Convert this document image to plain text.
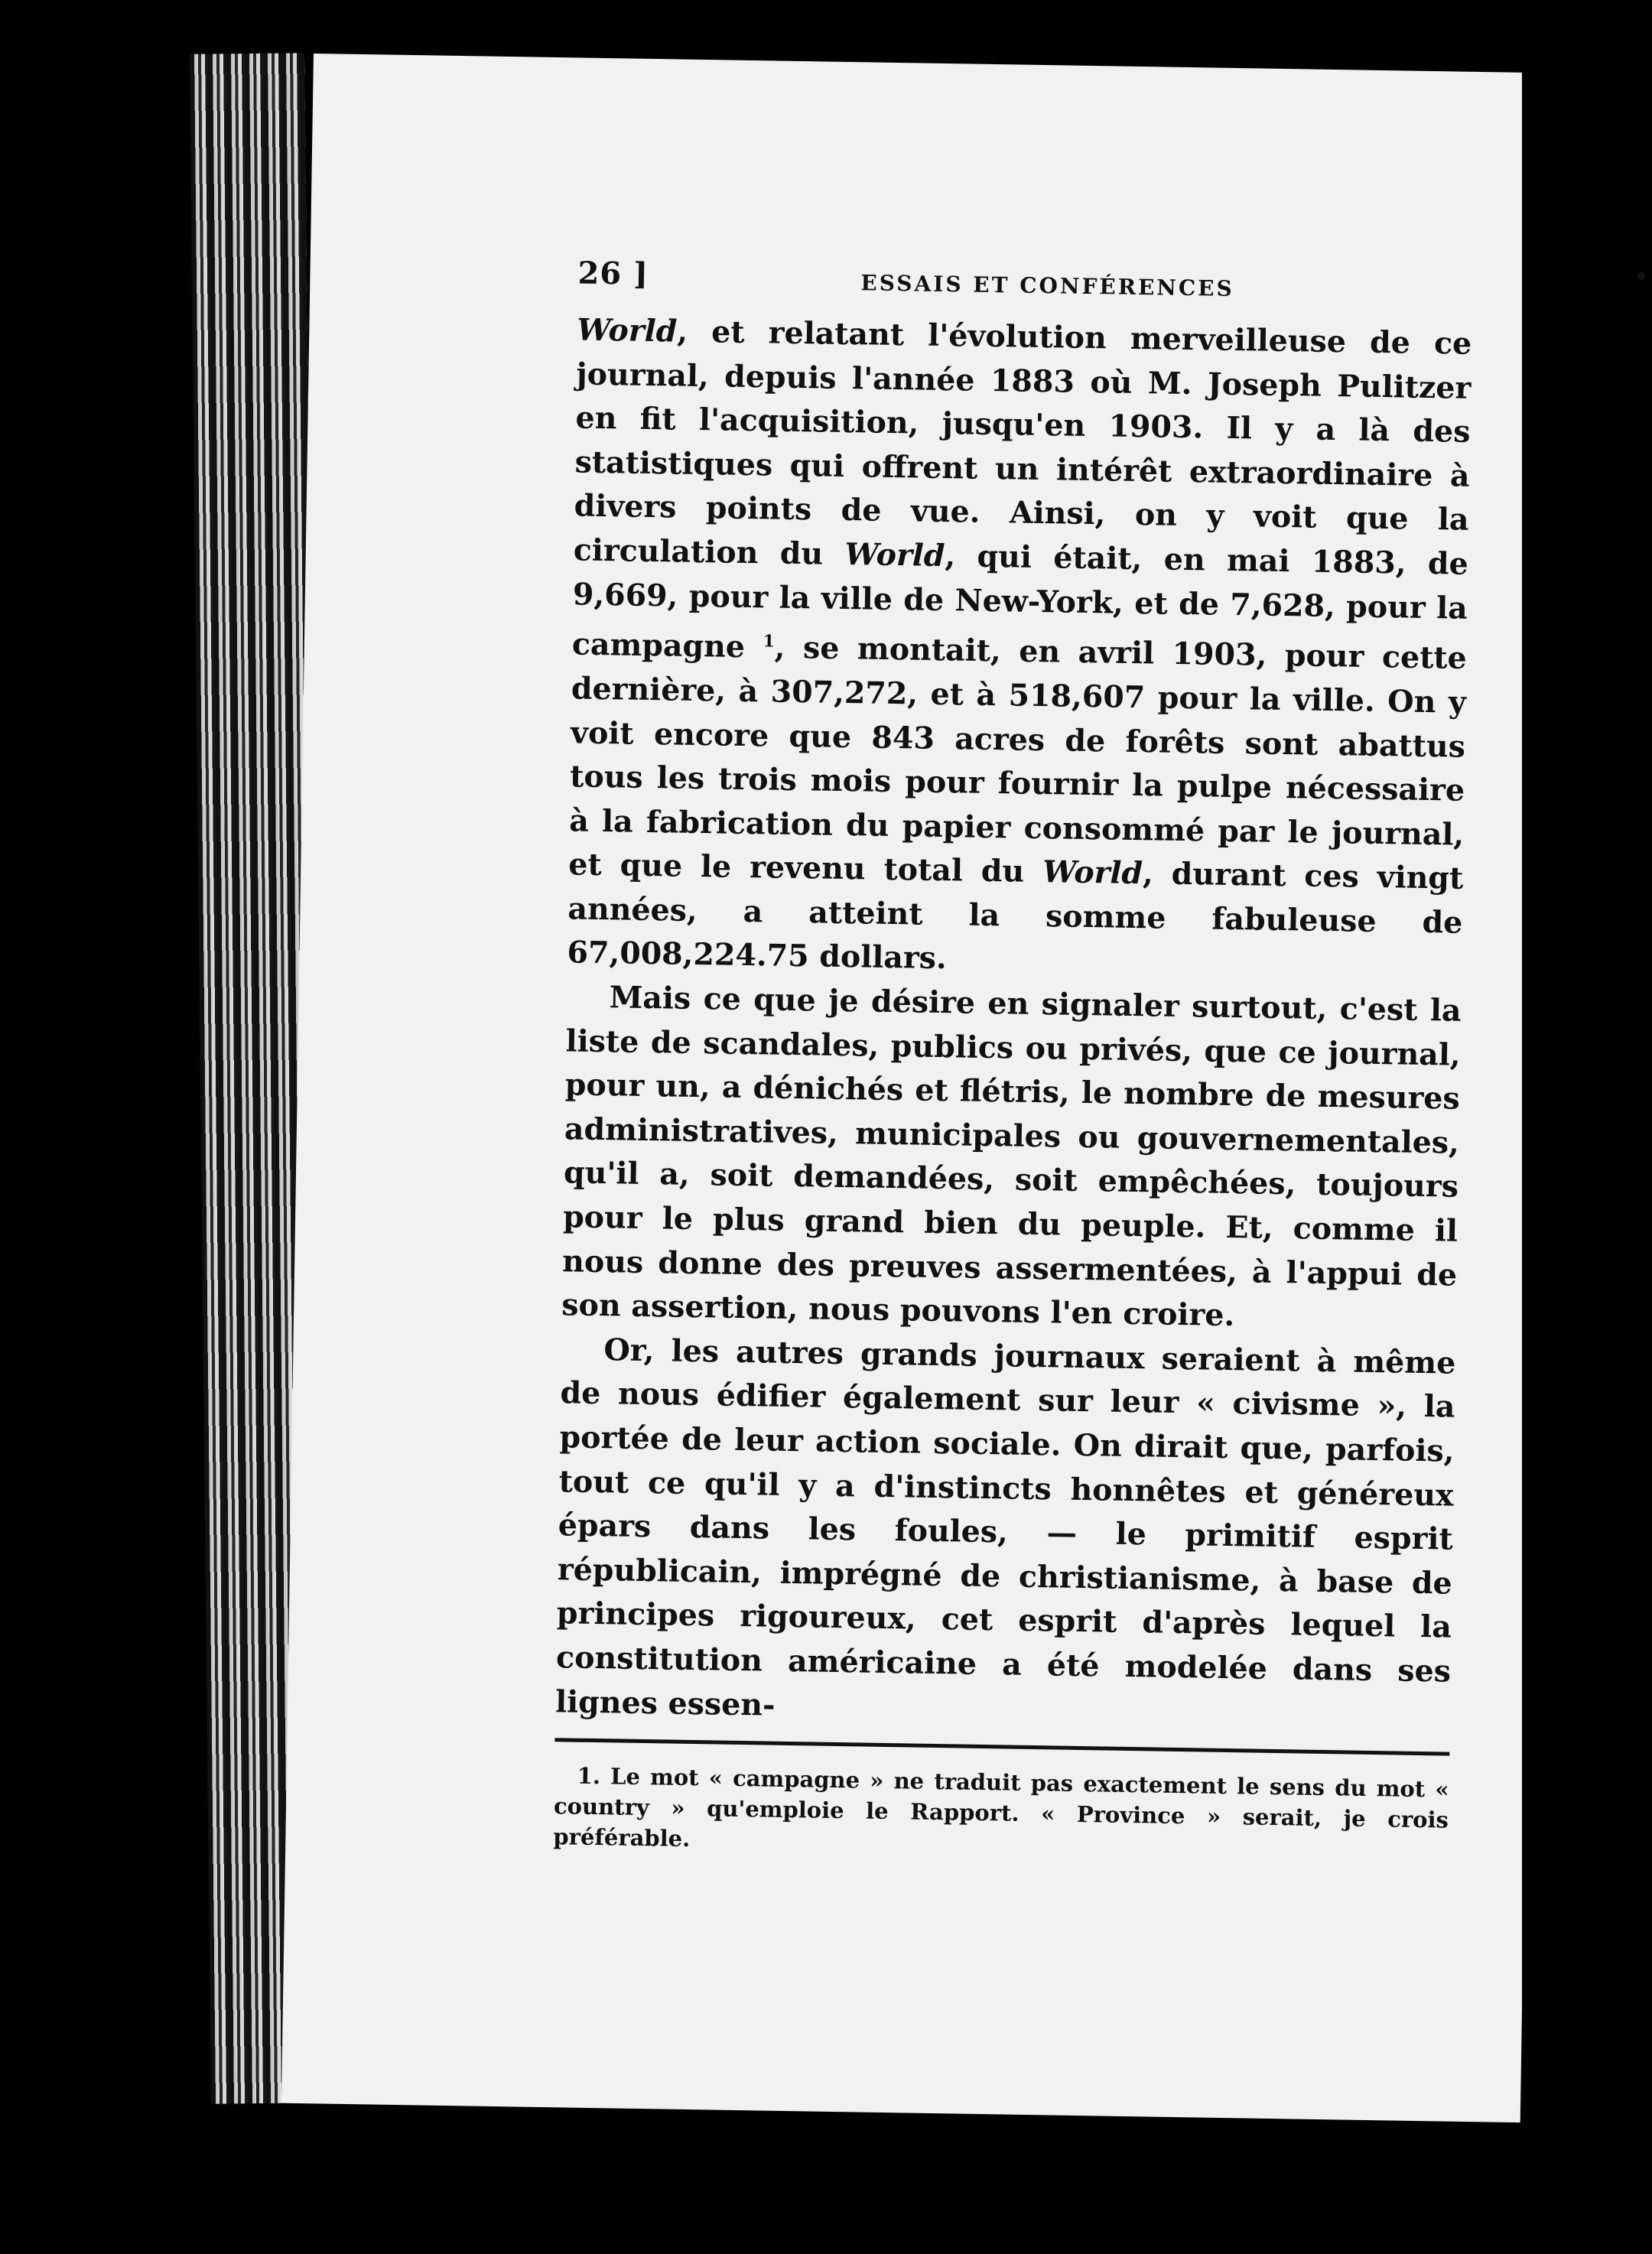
26 ]	ESSAIS ET CONFÉRENCES	•

World, et relatant l'évolution merveilleuse de ce journal, depuis l'année 1883 où M. Joseph Pulitzer en fit l'acquisition, jusqu'en 1903. Il y a là des statistiques qui offrent un intérêt extraordinaire à divers points de vue. Ainsi, on y voit que la circulation du World, qui était, en mai 1883, de 9,669, pour la ville de New-York, et de 7,628, pour la campagne $^1$, se montait, en avril 1903, pour cette dernière, à 307,272, et à 518,607 pour la ville. On y voit encore que 843 acres de forêts sont abattus tous les trois mois pour fournir la pulpe nécessaire à la fabrication du papier consommé par le journal, et que le revenu total du World, durant ces vingt années, a atteint la somme fabuleuse de 67,008,224.75 dollars.

Mais ce que je désire en signaler surtout, c'est la liste de scandales, publics ou privés, que ce journal, pour un, a dénichés et flétris, le nombre de mesures administratives, municipales ou gouvernementales, qu'il a, soit demandées, soit empêchées, toujours pour le plus grand bien du peuple. Et, comme il nous donne des preuves assermentées, à l'appui de son assertion, nous pouvons l'en croire.

Or, les autres grands journaux seraient à même de nous édifier également sur leur « civisme », la portée de leur action sociale. On dirait que, parfois, tout ce qu'il y a d'instincts honnêtes et généreux épars dans les foules, — le primitif esprit républicain, imprégné de christianisme, à base de principes rigoureux, cet esprit d'après lequel la constitution américaine a été modelée dans ses lignes essen-

1. Le mot « campagne » ne traduit pas exactement le sens du mot « country » qu'emploie le Rapport. « Province » serait, je crois préférable.
